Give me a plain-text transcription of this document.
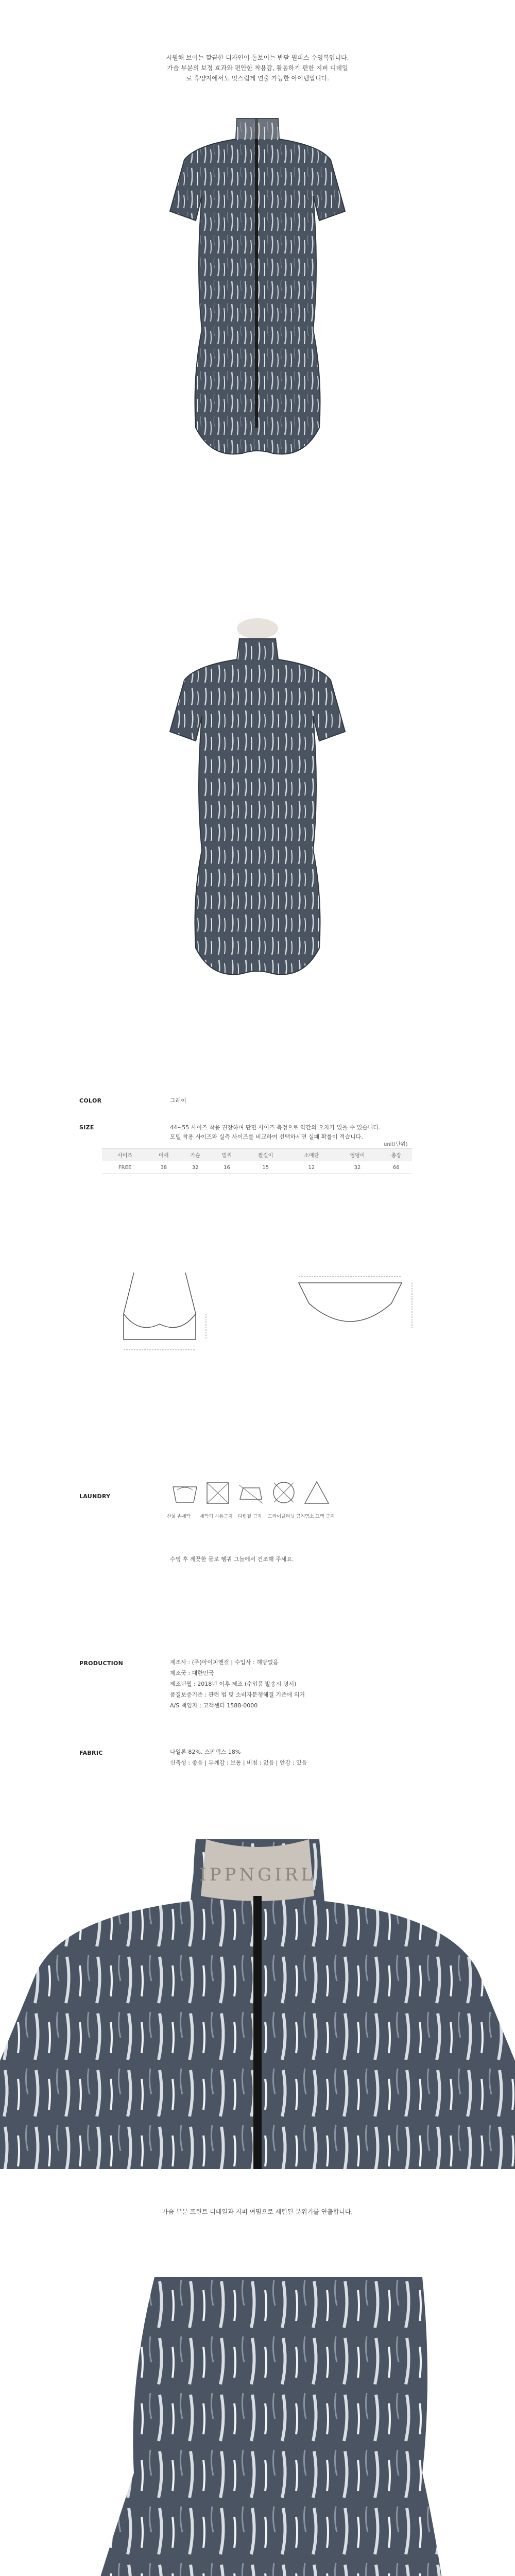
시원해 보이는 깔끔한 디자인이 돋보이는 반팔 원피스 수영복입니다.
가슴 부분의 보정 효과와 편안한 착용감, 활동하기 편한 지퍼 디테일
로 휴양지에서도 멋스럽게 연출 가능한 아이템입니다.
COLOR	그레이
SIZE	44~55 사이즈 착용 권장하며 단면 사이즈 측정으로 약간의 오차가 있을 수 있습니다.
모델 착용 사이즈와 실측 사이즈를 비교하여 선택하시면 실패 확률이 적습니다.
unit(단위)
사이즈	어깨	가슴	밑위	팔길이	소매단	엉덩이	총장
FREE	38	32	16	15	12	32	66
LAUNDRY
찬물 손세탁 세탁기 사용금지 다림질 금지 드라이클리닝 금지 염소 표백 금지
수영 후 깨끗한 물로 헹궈 그늘에서 건조해 주세요.
PRODUCTION	제조사 : (주)아이피앤걸 | 수입사 : 해당없음
제조국 : 대한민국
제조년월 : 2018년 이후 제조 (수입품 발송시 명시)
품질보증기준 : 관련 법 및 소비자분쟁해결 기준에 의거
A/S 책임자 : 고객센터 1588-0000
FABRIC	나일론 82%, 스판덱스 18%
신축성 : 좋음 | 두께감 : 보통 | 비침 : 없음 | 안감 : 있음
IPPNGIRL
가슴 부분 프린트 디테일과 지퍼 여밈으로 세련된 분위기를 연출합니다.
